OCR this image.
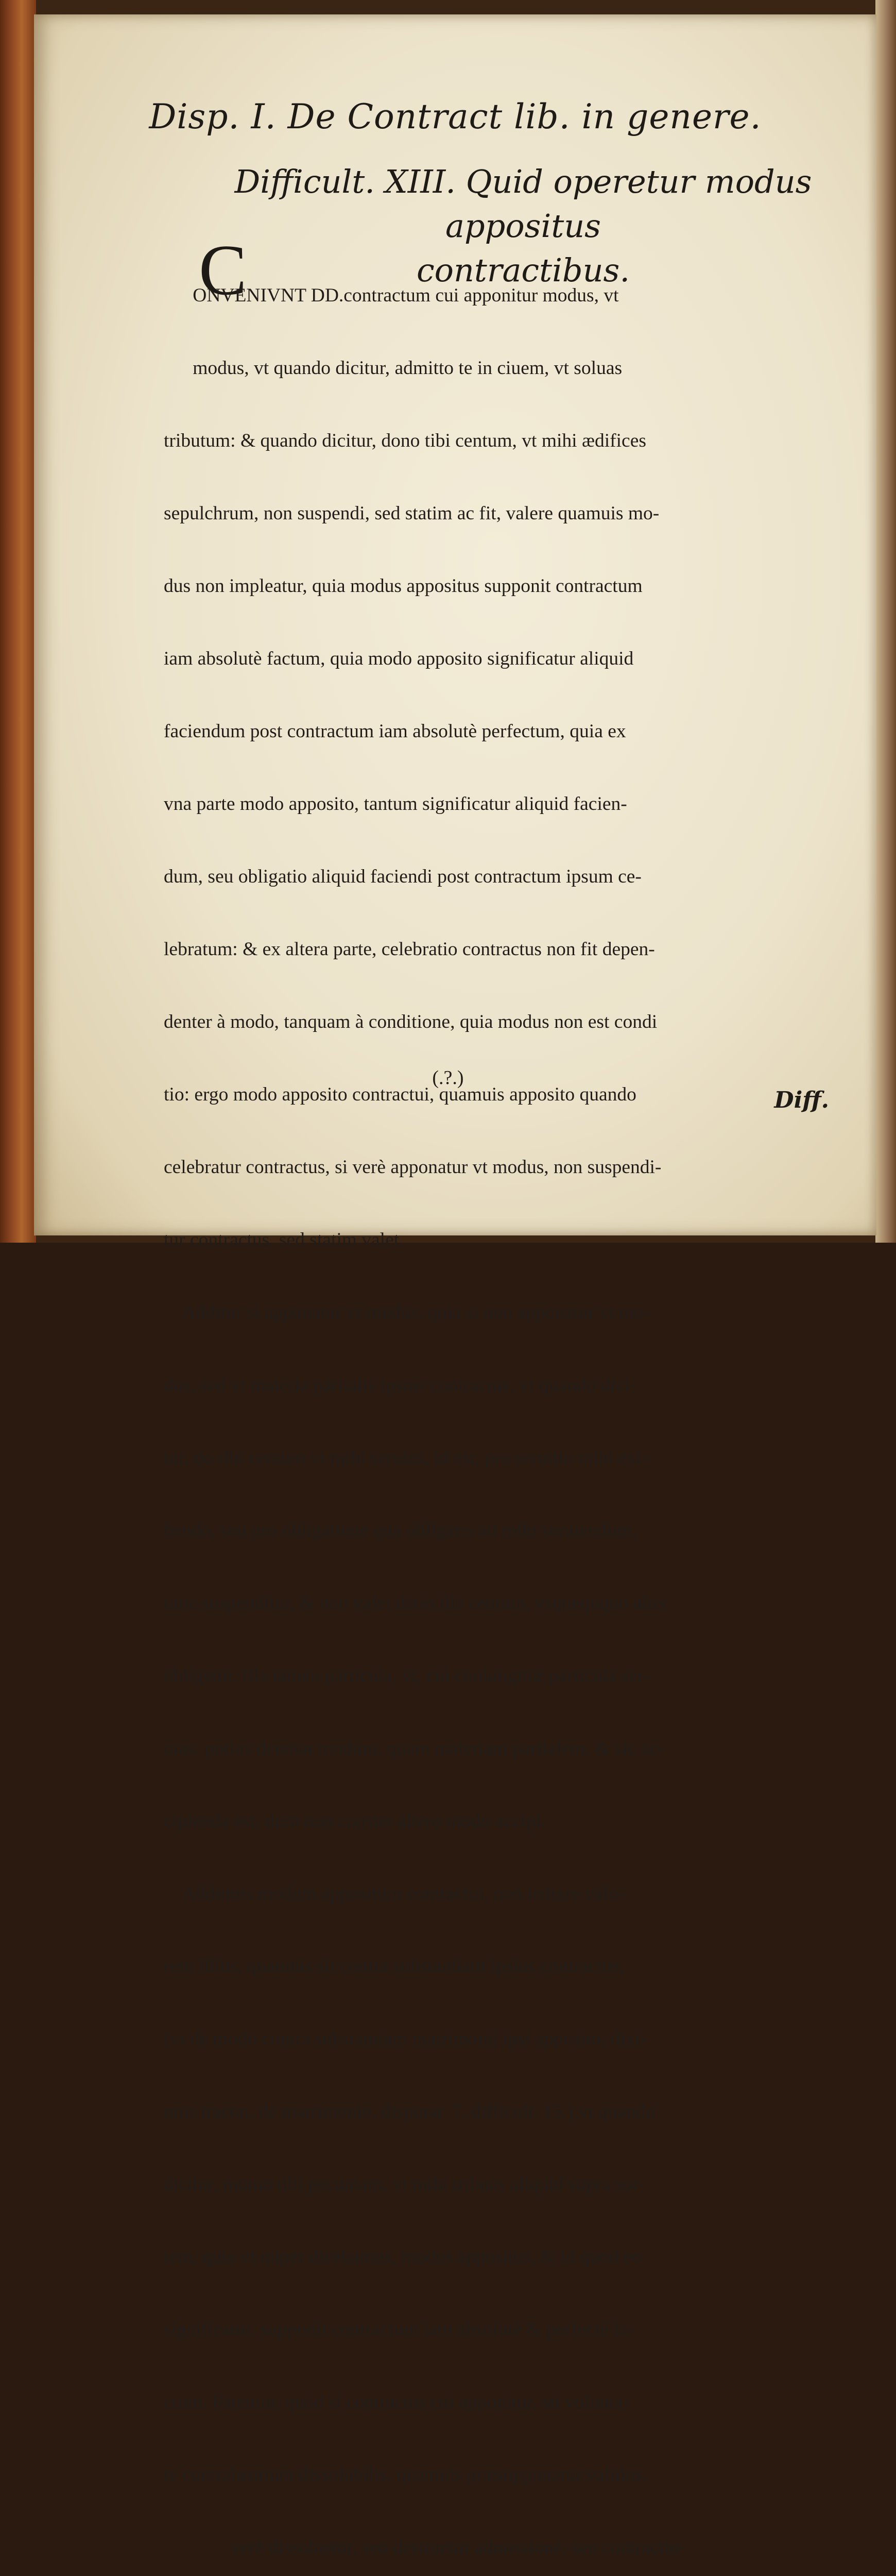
Disp. I. De Contract lib. in genere.
Difficult. XIII. Quid operetur modus appositus
contractibus.
C

ONVENIVNT DD.contractum cui apponitur modus, vt

modus, vt quando dicitur, admitto te in ciuem, vt soluas

tributum: & quando dicitur, dono tibi centum, vt mihi ædifices

sepulchrum, non suspendi, sed statim ac fit, valere quamuis mo-

dus non impleatur, quia modus appositus supponit contractum

iam absolutè factum, quia modo apposito significatur aliquid

faciendum post contractum iam absolutè perfectum, quia ex

vna parte modo apposito, tantum significatur aliquid facien-

dum, seu obligatio aliquid faciendi post contractum ipsum ce-

lebratum: & ex altera parte, celebratio contractus non fit depen-

denter à modo, tanquam à conditione, quia modus non est condi

tio: ergo modo apposito contractui, quamuis apposito quando

celebratur contractus, si verè apponatur vt modus, non suspendi-

tur contractus, sed statim valet.

Additur si apponatur vt modus, quia si non apponatur vt mo-

dus, sed vt materia partialis ipsius contractus, vt quando dici-

tur, do tibi centum vt mihi seruias, id est, pro seruitio mihi exi-

bendo, seu pro obligatione qua obligaris ad mihi seruiendum,

tunc suspenditur, & non valet datio illa centum, vsqueququo alter

obligetur. Illa tamen particula, vt, cui coniungitur particula ser-

uias, potius denotat modum, quam materiam partialem, & sic ac-

cipienda est, dum non constet altero modo accipi.

Addimus modum appositum contractui, non irritare valo-

rem illius, quamuis sit contra substantiam ipsius contractus,

(vt de modo contra substantiam matrimonij ipsi apposito, dixi-

mus tractat. de matrimonio, disputat. 7. difficult. 15.) vt quando

dicitur, mutuo tibi pecuniam, vt mihi tribuas aliquid supra sor-

tem, quia vt nuper dicebamus, modus appositus, & id quod eo

significatur, supponit contractum iam absolutè & perfectè fa-

ctum. Fatemur, quòd si contractus cui apponitur, sit volunta-

te contrahentium dissolubilis, quamuis præsupponatur validus,

verè dissoluetur, seu destruetur admissione, seu contractio-

(.?.)
Diff.
